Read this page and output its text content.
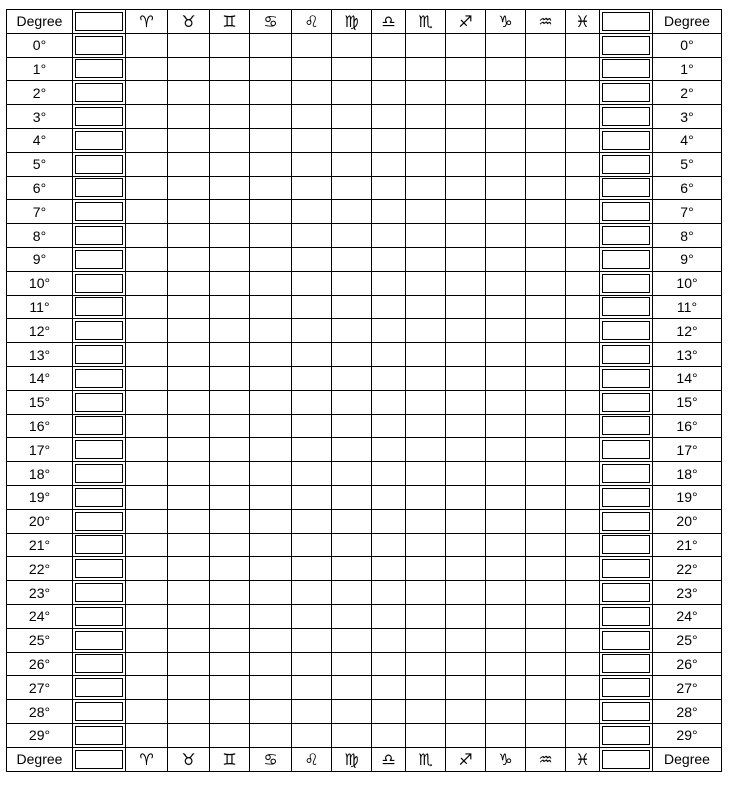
Degree		♈︎	♉︎	♊︎	♋︎	♌︎	♍︎	♎︎	♏︎	♐︎	♑︎	♒︎	♓︎		Degree
0°															0°
1°															1°
2°															2°
3°															3°
4°															4°
5°															5°
6°															6°
7°															7°
8°															8°
9°															9°
10°															10°
11°															11°
12°															12°
13°															13°
14°															14°
15°															15°
16°															16°
17°															17°
18°															18°
19°															19°
20°															20°
21°															21°
22°															22°
23°															23°
24°															24°
25°															25°
26°															26°
27°															27°
28°															28°
29°															29°
Degree		♈︎	♉︎	♊︎	♋︎	♌︎	♍︎	♎︎	♏︎	♐︎	♑︎	♒︎	♓︎		Degree
